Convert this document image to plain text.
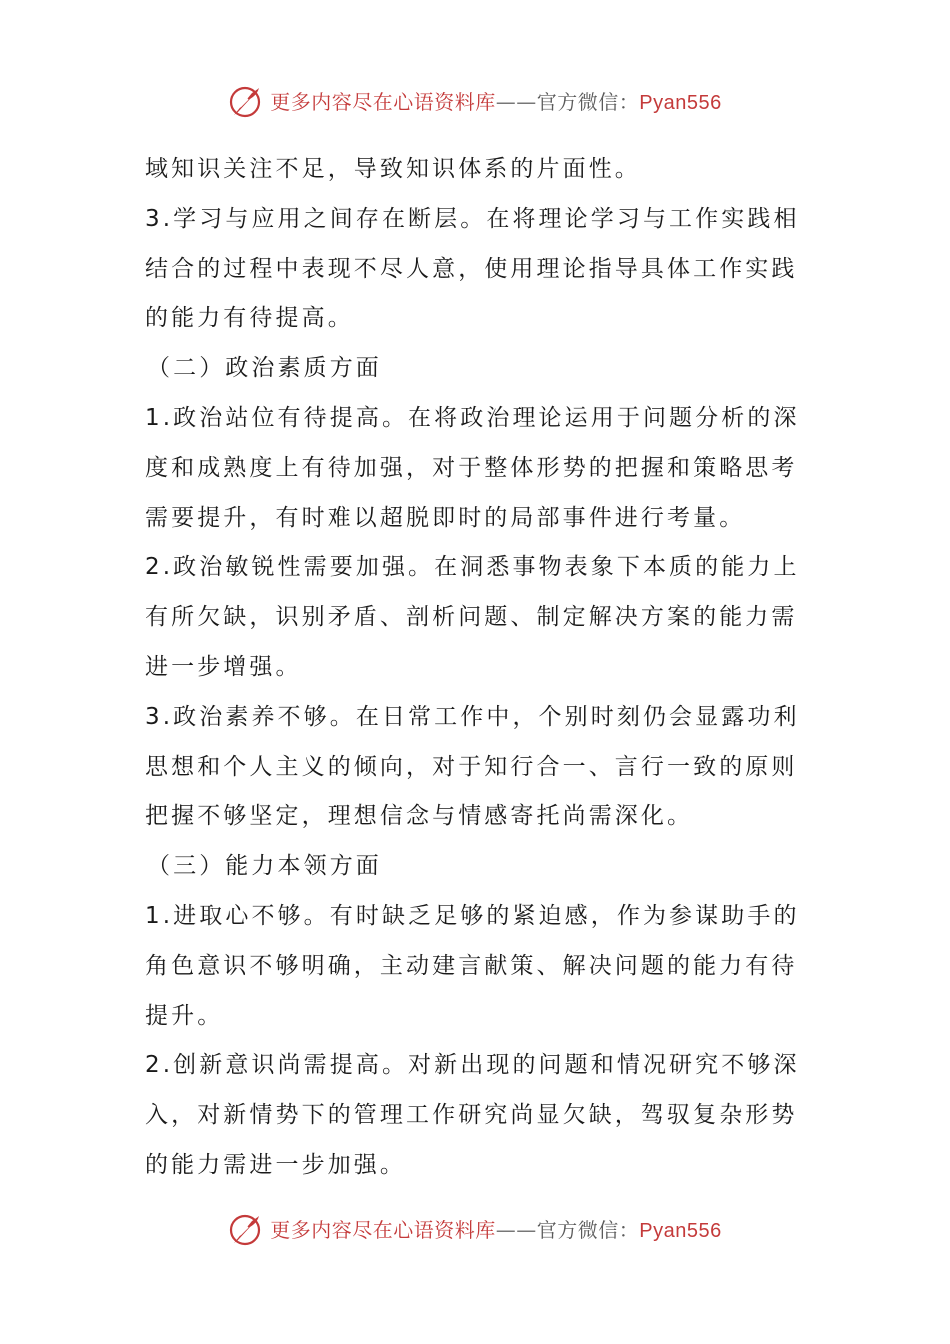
更多内容尽在心语资料库——官方微信：Pyan556

域知识关注不足，导致知识体系的片面性。

3.学习与应用之间存在断层。在将理论学习与工作实践相结合的过程中表现不尽人意，使用理论指导具体工作实践的能力有待提高。

（二）政治素质方面

1.政治站位有待提高。在将政治理论运用于问题分析的深度和成熟度上有待加强，对于整体形势的把握和策略思考需要提升，有时难以超脱即时的局部事件进行考量。

2.政治敏锐性需要加强。在洞悉事物表象下本质的能力上有所欠缺，识别矛盾、剖析问题、制定解决方案的能力需进一步增强。

3.政治素养不够。在日常工作中，个别时刻仍会显露功利思想和个人主义的倾向，对于知行合一、言行一致的原则把握不够坚定，理想信念与情感寄托尚需深化。

（三）能力本领方面

1.进取心不够。有时缺乏足够的紧迫感，作为参谋助手的角色意识不够明确，主动建言献策、解决问题的能力有待提升。

2.创新意识尚需提高。对新出现的问题和情况研究不够深入，对新情势下的管理工作研究尚显欠缺，驾驭复杂形势的能力需进一步加强。

更多内容尽在心语资料库——官方微信：Pyan556
